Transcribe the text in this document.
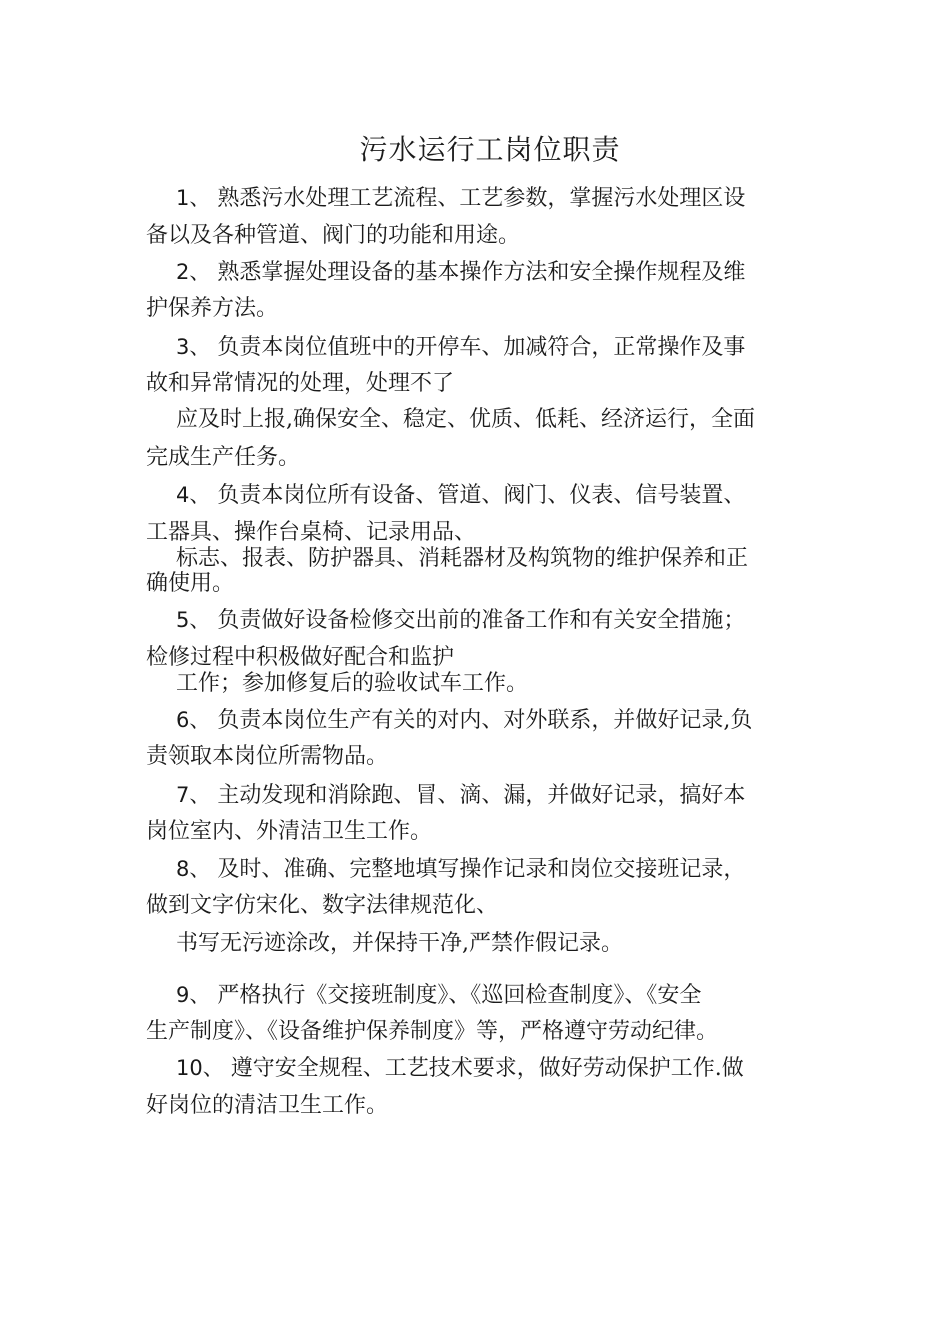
污水运行工岗位职责

1、 熟悉污水处理工艺流程、工艺参数，掌握污水处理区设

备以及各种管道、阀门的功能和用途。

2、 熟悉掌握处理设备的基本操作方法和安全操作规程及维

护保养方法。

3、 负责本岗位值班中的开停车、加减符合，正常操作及事

故和异常情况的处理，处理不了

应及时上报,确保安全、稳定、优质、低耗、经济运行，全面

完成生产任务。

4、 负责本岗位所有设备、管道、阀门、仪表、信号装置、

工器具、操作台桌椅、记录用品、

标志、报表、防护器具、消耗器材及构筑物的维护保养和正

确使用。

5、 负责做好设备检修交出前的准备工作和有关安全措施；

检修过程中积极做好配合和监护

工作；参加修复后的验收试车工作。

6、 负责本岗位生产有关的对内、对外联系，并做好记录,负

责领取本岗位所需物品。

7、 主动发现和消除跑、冒、滴、漏，并做好记录，搞好本

岗位室内、外清洁卫生工作。

8、 及时、准确、完整地填写操作记录和岗位交接班记录，

做到文字仿宋化、数字法律规范化、

书写无污迹涂改，并保持干净,严禁作假记录。

9、 严格执行《交接班制度》、《巡回检查制度》、《安全

生产制度》、《设备维护保养制度》等，严格遵守劳动纪律。

10、 遵守安全规程、工艺技术要求，做好劳动保护工作.做

好岗位的清洁卫生工作。
